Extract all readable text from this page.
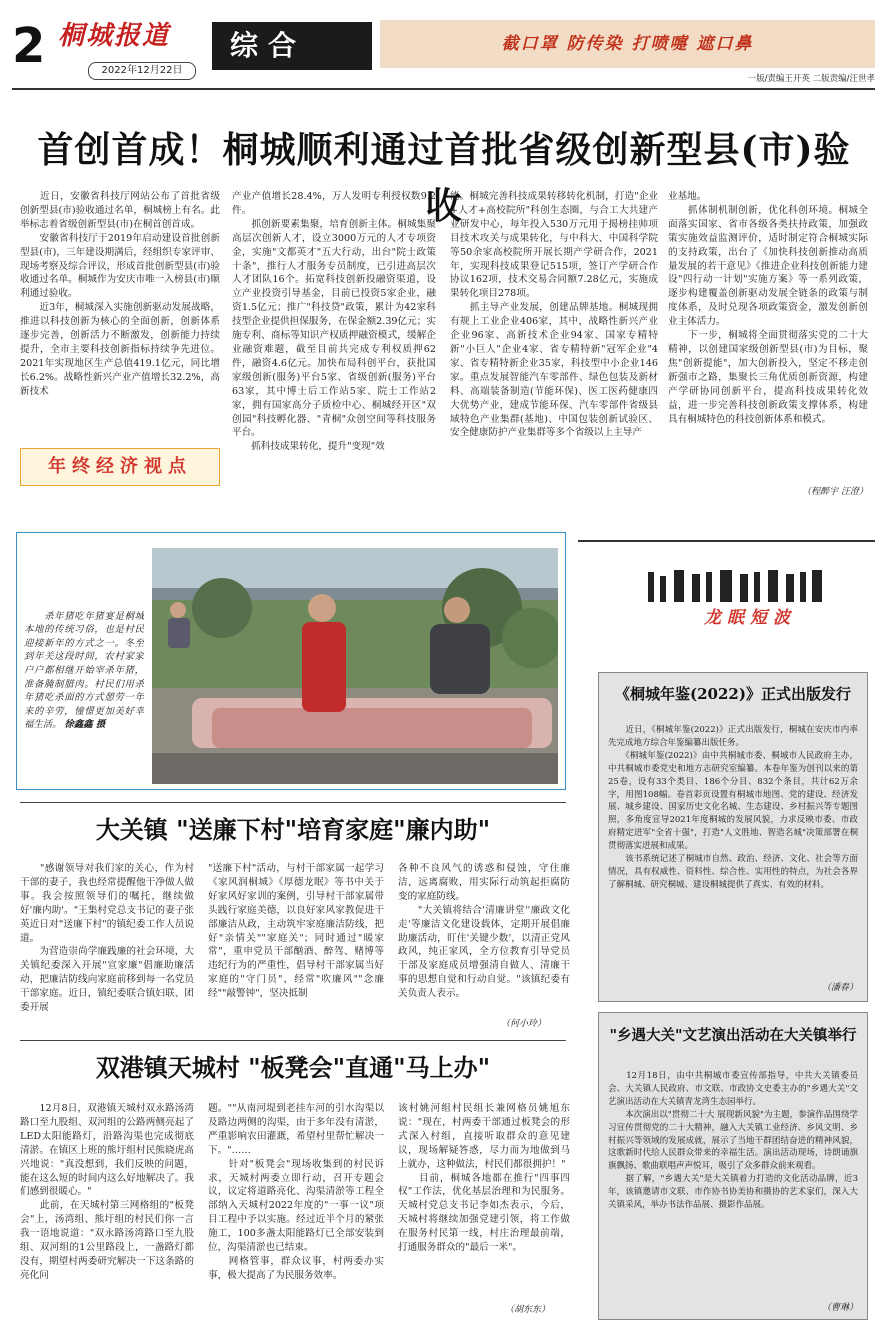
2 桐城报道
2022年12月22日
综合	截口罩 防传染 打喷嚏 遮口鼻
一版/责编王开英 二版责编/汪世孝
首创首成！桐城顺利通过首批省级创新型县(市)验收
　　近日，安徽省科技厅网站公布了首批省级创新型县(市)验收通过名单，桐城榜上有名。此举标志着省级创新型县(市)在桐首创首成。
　　安徽省科技厅于2019年启动建设首批创新型县(市)，三年建设期满后，经组织专家评审、现场考察及综合评议，形成首批创新型县(市)验收通过名单。桐城作为安庆市唯一入榜县(市)顺利通过验收。
　　近3年，桐城深入实施创新驱动发展战略，推进以科技创新为核心的全面创新，创新体系逐步完善，创新活力不断激发，创新能力持续提升，全市主要科技创新指标持续争先进位。2021年实现地区生产总值419.1亿元，同比增长6.2%。战略性新兴产业产值增长32.2%，高新技术
产业产值增长28.4%，万人发明专利授权数9.2件。
　　抓创新要素集聚，培育创新主体。桐城集聚高层次创新人才，设立3000万元的人才专项资金，实施"文都英才"五大行动，出台"院士政策十条"，推行人才服务专员制度，已引进高层次人才团队16个。拓宽科技创新投融资渠道，设立产业投资引导基金，目前已投资5家企业，融资1.5亿元；推广"科技贷"政策，累计为42家科技型企业提供担保服务，在保金额2.39亿元；实施专利、商标等知识产权质押融资模式，缓解企业融资难题，截至目前共完成专利权质押62件，融资4.6亿元。加快布局科创平台，获批国家级创新(服务)平台5家、省级创新(服务)平台63家，其中博士后工作站5家、院士工作站2家，拥有国家高分子质检中心、桐城经开区"双创园"科技孵化器、"青桐"众创空间等科技服务平台。
　　抓科技成果转化，提升"变现"效
能。桐城完善科技成果转移转化机制，打造"企业+人才+高校院所"科创生态圈，与合工大共建产业研发中心，每年投入530万元用于揭榜挂帅项目技术攻关与成果转化，与中科大、中国科学院等50余家高校院所开展长期产学研合作，2021年，实现科技成果登记515项，签订产学研合作协议162项，技术交易合同额7.28亿元，实施成果转化项目278项。
　　抓主导产业发展，创建品牌基地。桐城现拥有规上工业企业406家，其中，战略性新兴产业企业96家、高新技术企业94家、国家专精特新"小巨人"企业4家、省专精特新"冠军企业"4家、省专精特新企业35家，科技型中小企业146家。重点发展智能汽车零部件、绿色包装及新材料、高端装备制造(节能环保)、医工医药健康四大优势产业，建成节能环保、汽车零部件省级县域特色产业集群(基地)、中国包装创新试验区、安全健康防护产业集群等多个省级以上主导产
业基地。
　　抓体制机制创新，优化科创环境。桐城全面落实国家、省市各级各类扶持政策，加强政策实施效益监测评价，适时制定符合桐城实际的支持政策，出台了《加快科技创新推动高质量发展的若干意见》《推进企业科技创新能力建设"四行动一计划"实施方案》等一系列政策，逐步构建覆盖创新驱动发展全链条的政策与制度体系，及时兑现各项政策资金，激发创新创业主体活力。
　　下一步，桐城将全面贯彻落实党的二十大精神，以创建国家级创新型县(市)为目标，聚焦"创新提能"，加大创新投入，坚定不移走创新强市之路，集聚长三角优质创新资源，构建产学研协同创新平台，提高科技成果转化效益，进一步完善科技创新政策支撑体系，构建具有桐城特色的科技创新体系和模式。
（程醉宇 汪澄）
年终经济视点

　　杀年猪吃年猪宴是桐城本地的传统习俗，也是村民迎接新年的方式之一。冬至到年关这段时间，农村家家户户都相继开始宰杀年猪，准备腌制腊肉。村民们用杀年猪吃杀面的方式憩劳一年来的辛劳，憧憬更加美好幸福生活。 徐鑫鑫 摄

龙眠短波
大关镇 "送廉下村"培育家庭"廉内助"
　　"感谢领导对我们家的关心，作为村干部的妻子，我也经常提醒他干净做人做事。我会按照领导们的嘱托，继续做好'廉内助'。"王集村党总支书记的妻子张英近日对"送廉下村"的镇纪委工作人员说道。
　　为营造崇尚学廉践廉的社会环境，大关镇纪委深入开展"宣家廉"倡廉助廉活动，把廉洁防线向家庭前移到每一名党员干部家庭。近日，镇纪委联合镇妇联、团委开展
"送廉下村"活动，与村干部家属一起学习《家风润桐城》《厚德龙眠》等书中关于好家风好家训的案例，引导村干部家属带头践行家庭美德，以良好家风家教促进干部廉洁从政，主动筑牢家庭廉洁防线，把好"亲情关""家庭关"；同时通过"暖家常"，重申党员干部酗酒、醉驾、赌博等违纪行为的严重性，倡导村干部家属当好家庭的"守门员"，经常"吹廉风""念廉经""敲警钟"，坚决抵制
各种不良风气的诱惑和侵蚀，守住廉洁，远离腐败，用实际行动筑起拒腐防变的家庭防线。
　　"大关镇将结合'清廉讲堂''廉政文化走'等廉洁文化建设载体，定期开展倡廉助廉活动，盯住'关键少数'，以清正党风政风，纯正家风，全方位教育引导党员干部及家庭成员增强清自做人、清廉干事的思想自觉和行动自觉。"该镇纪委有关负责人表示。
（何小玲）
双港镇天城村 "板凳会"直通"马上办"
　　12月8日，双港镇天城村双永路汤湾路口至九股组、双河组的公路两侧亮起了LED太阳能路灯，沿路沟渠也完成彻底清淤。在镇区上班的熊圩组村民熊晓虎高兴地说："真没想到，我们反映的问题，能在这么短的时间内这么好地解决了。我们感到很暖心。"
　　此前，在天城村第三网格组的"板凳会"上，汤湾组、熊圩组的村民们你一言我一语地说道："双永路汤湾路口至九股组、双河组的1公里路段上，一盏路灯都没有，期望村两委研究解决一下这条路的亮化问
题。""从南河堤到老挂车河的引水沟渠以及路边两侧的沟渠，由于多年没有清淤，严重影响农田灌溉，希望村里帮忙解决一下。"……
　　针对"板凳会"现场收集到的村民诉求，天城村两委立即行动，召开专题会议，议定将道路亮化、沟渠清淤等工程全部纳入天城村2022年度的"一事一议"项目工程中予以实施。经过近半个月的紧张施工，100多盏太阳能路灯已全部安装到位，沟渠清淤也已结束。
　　网格管事，群众议事，村两委办实事，极大提高了为民服务效率。
该村姚河组村民组长兼网格员姚旭东说："现在，村两委干部通过板凳会的形式深入村组，直接听取群众的意见建议，现场解疑答惑，尽力而为地做到马上就办，这种做法，村民们都很拥护！"
　　目前，桐城各地都在推行"四事四权"工作法，优化基层治理和为民服务。天城村党总支书记李如杰表示，今后，天城村将继续加强党建引领，将工作做在服务村民第一线，村庄治理最前端，打通服务群众的"最后一米"。
（胡东东）
《桐城年鉴(2022)》正式出版发行
　　近日，《桐城年鉴(2022)》正式出版发行，桐城在安庆市内率先完成地方综合年鉴编纂出版任务。
　　《桐城年鉴(2022)》由中共桐城市委、桐城市人民政府主办，中共桐城市委党史和地方志研究室编纂。本卷年鉴为创刊以来的第25卷，设有33个类目、186个分目、832个条目，共计62万余字，用图108幅。卷首彩页设置有桐城市地图、党的建设、经济发展、城乡建设、国家历史文化名城、生态建设、乡村振兴等专题图照，多角度宣导2021年度桐城的发展风貌，力求反映市委、市政府精定进军"全省十强"，打造"人文胜地、智造名城"决策部署在桐贯彻落实进展和成果。
　　该书系统记述了桐城市自然、政治、经济、文化、社会等方面情况，具有权威性、资料性、综合性、实用性的特点，为社会各界了解桐城、研究桐城、建设桐城提供了真实、有效的材料。
（潘春）
"乡遇大关"文艺演出活动在大关镇举行
　　12月18日，由中共桐城市委宣传部指导，中共大关镇委员会、大关镇人民政府、市文联、市政协文史委主办的"乡遇大关"文艺演出活动在大关镇青龙湾生态园举行。
　　本次演出以"贯彻二十大 展现新风貌"为主题，参演作品围绕学习宣传贯彻党的二十大精神，融入大关镇工业经济、乡风文明、乡村振兴等领域的发展成就，展示了当地干群团结奋进的精神风貌，这歌新时代给人民群众带来的幸福生活。演出活动现场，诗朗诵旗旗飘扬、歌曲联唱声声悦耳，吸引了众多群众前来观看。
　　据了解，"乡遇大关"是大关镇着力打造的文化活动品牌，近3年，该镇邀请市文联、市作协书协美协和摄协的艺术家们，深入大关镇采风，举办书法作品展、摄影作品展。
（曹琳）
